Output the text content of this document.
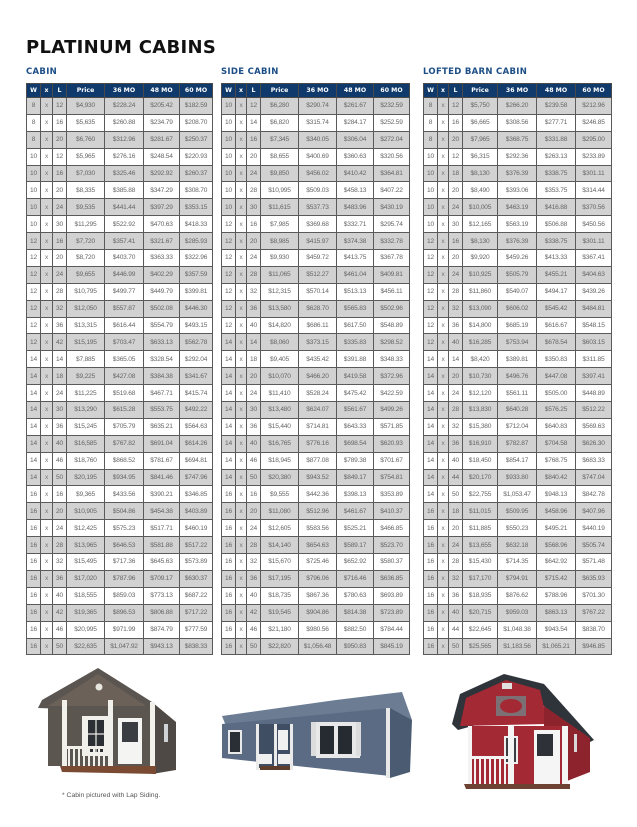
PLATINUM CABINS
CABIN
W	x	L	Price	36 MO	48 MO	60 MO
8	x	12	$4,930	$228.24	$205.42	$182.59
8	x	16	$5,635	$260.88	$234.79	$208.70
8	x	20	$6,760	$312.96	$281.67	$250.37
10	x	12	$5,965	$276.16	$248.54	$220.93
10	x	16	$7,030	$325.46	$292.92	$260.37
10	x	20	$8,335	$385.88	$347.29	$308.70
10	x	24	$9,535	$441.44	$397.29	$353.15
10	x	30	$11,295	$522.92	$470.63	$418.33
12	x	16	$7,720	$357.41	$321.67	$285.93
12	x	20	$8,720	$403.70	$363.33	$322.96
12	x	24	$9,655	$446.99	$402.29	$357.59
12	x	28	$10,795	$499.77	$449.79	$399.81
12	x	32	$12,050	$557.87	$502.08	$446.30
12	x	36	$13,315	$616.44	$554.79	$493.15
12	x	42	$15,195	$703.47	$633.13	$562.78
14	x	14	$7,885	$365.05	$328.54	$292.04
14	x	18	$9,225	$427.08	$384.38	$341.67
14	x	24	$11,225	$519.68	$467.71	$415.74
14	x	30	$13,290	$615.28	$553.75	$492.22
14	x	36	$15,245	$705.79	$635.21	$564.63
14	x	40	$16,585	$767.82	$691.04	$614.26
14	x	46	$18,760	$868.52	$781.67	$694.81
14	x	50	$20,195	$934.95	$841.46	$747.96
16	x	16	$9,365	$433.56	$390.21	$346.85
16	x	20	$10,905	$504.86	$454.38	$403.89
16	x	24	$12,425	$575.23	$517.71	$460.19
16	x	28	$13,965	$646.53	$581.88	$517.22
16	x	32	$15,495	$717.36	$645.63	$573.89
16	x	36	$17,020	$787.96	$709.17	$630.37
16	x	40	$18,555	$859.03	$773.13	$687.22
16	x	42	$19,365	$896.53	$806.88	$717.22
16	x	46	$20,995	$971.99	$874.79	$777.59
16	x	50	$22,635	$1,047.92	$943.13	$838.33
SIDE CABIN
W	x	L	Price	36 MO	48 MO	60 MO
10	x	12	$6,280	$290.74	$261.67	$232.59
10	x	14	$6,820	$315.74	$284.17	$252.59
10	x	16	$7,345	$340.05	$306.04	$272.04
10	x	20	$8,655	$400.69	$360.63	$320.56
10	x	24	$9,850	$456.02	$410.42	$364.81
10	x	28	$10,995	$509.03	$458.13	$407.22
10	x	30	$11,615	$537.73	$483.96	$430.19
12	x	16	$7,985	$369.68	$332.71	$295.74
12	x	20	$8,985	$415.97	$374.38	$332.78
12	x	24	$9,930	$459.72	$413.75	$367.78
12	x	28	$11,065	$512.27	$461.04	$409.81
12	x	32	$12,315	$570.14	$513.13	$456.11
12	x	36	$13,580	$628.70	$565.83	$502.96
12	x	40	$14,820	$686.11	$617.50	$548.89
14	x	14	$8,060	$373.15	$335.83	$298.52
14	x	18	$9,405	$435.42	$391.88	$348.33
14	x	20	$10,070	$466.20	$419.58	$372.96
14	x	24	$11,410	$528.24	$475.42	$422.59
14	x	30	$13,480	$624.07	$561.67	$499.26
14	x	36	$15,440	$714.81	$643.33	$571.85
14	x	40	$16,765	$776.16	$698.54	$620.93
14	x	46	$18,945	$877.08	$789.38	$701.67
14	x	50	$20,380	$943.52	$849.17	$754.81
16	x	16	$9,555	$442.36	$398.13	$353.89
16	x	20	$11,080	$512.96	$461.67	$410.37
16	x	24	$12,605	$583.56	$525.21	$466.85
16	x	28	$14,140	$654.63	$589.17	$523.70
16	x	32	$15,670	$725.46	$652.92	$580.37
16	x	36	$17,195	$796.06	$716.46	$636.85
16	x	40	$18,735	$867.36	$780.63	$693.89
16	x	42	$19,545	$904.86	$814.38	$723.89
16	x	46	$21,180	$980.56	$882.50	$784.44
16	x	50	$22,820	$1,056.48	$950.83	$845.19
LOFTED BARN CABIN
W	x	L	Price	36 MO	48 MO	60 MO
8	x	12	$5,750	$266.20	$239.58	$212.96
8	x	16	$6,665	$308.56	$277.71	$246.85
8	x	20	$7,965	$368.75	$331.88	$295.00
10	x	12	$6,315	$292.36	$263.13	$233.89
10	x	18	$8,130	$376.39	$338.75	$301.11
10	x	20	$8,490	$393.06	$353.75	$314.44
10	x	24	$10,005	$463.19	$416.88	$370.56
10	x	30	$12,165	$563.19	$506.88	$450.56
12	x	16	$8,130	$376.39	$338.75	$301.11
12	x	20	$9,920	$459.26	$413.33	$367.41
12	x	24	$10,925	$505.79	$455.21	$404.63
12	x	28	$11,860	$549.07	$494.17	$439.26
12	x	32	$13,090	$606.02	$545.42	$484.81
12	x	36	$14,800	$685.19	$616.67	$548.15
12	x	40	$16,285	$753.94	$678.54	$603.15
14	x	14	$8,420	$389.81	$350.83	$311.85
14	x	20	$10,730	$496.76	$447.08	$397.41
14	x	24	$12,120	$561.11	$505.00	$448.89
14	x	28	$13,830	$640.28	$576.25	$512.22
14	x	32	$15,380	$712.04	$640.83	$569.63
14	x	36	$16,910	$782.87	$704.58	$626.30
14	x	40	$18,450	$854.17	$768.75	$683.33
14	x	44	$20,170	$933.80	$840.42	$747.04
14	x	50	$22,755	$1,053.47	$948.13	$842.78
16	x	18	$11,015	$509.95	$458.96	$407.96
16	x	20	$11,885	$550.23	$495.21	$440.19
16	x	24	$13,655	$632.18	$568.96	$505.74
16	x	28	$15,430	$714.35	$642.92	$571.48
16	x	32	$17,170	$794.91	$715.42	$635.93
16	x	36	$18,935	$876.62	$788.96	$701.30
16	x	40	$20,715	$959.03	$863.13	$767.22
16	x	44	$22,645	$1,048.38	$943.54	$838.70
16	x	50	$25,565	$1,183.56	$1,065.21	$946.85
* Cabin pictured with Lap Siding.
